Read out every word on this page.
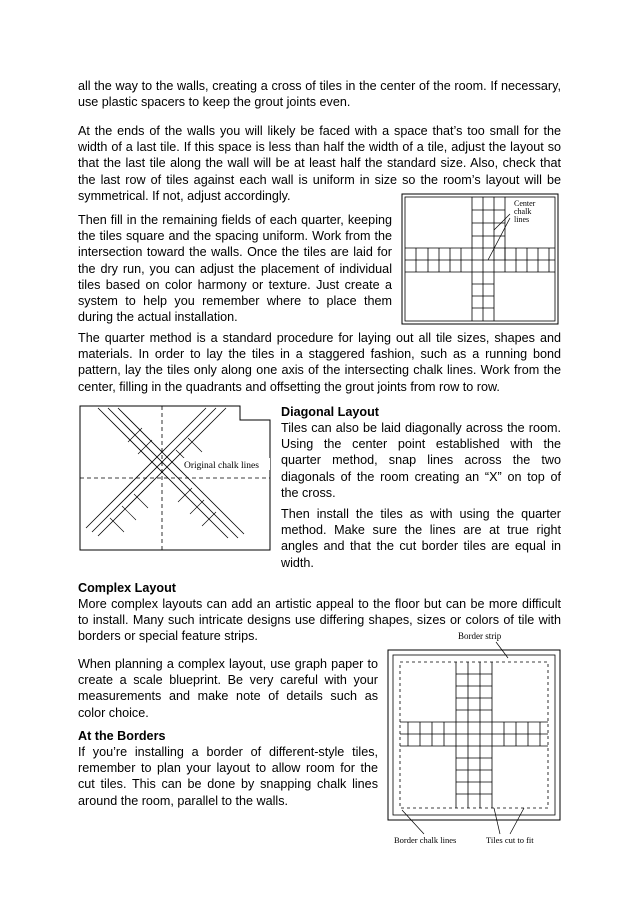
all the way to the walls, creating a cross of tiles in the center of the room. If necessary, use plastic spacers to keep the grout joints even.

At the ends of the walls you will likely be faced with a space that’s too small for the width of a last tile. If this space is less than half the width of a tile, adjust the layout so that the last tile along the wall will be at least half the standard size. Also, check that the last row of tiles against each wall is uniform in size so the room’s layout will be symmetrical. If not, adjust accordingly.

Then fill in the remaining fields of each quarter, keeping the tiles square and the spacing uniform. Work from the intersection toward the walls. Once the tiles are laid for the dry run, you can adjust the placement of individual tiles based on color harmony or texture. Just create a system to help you remember where to place them during the actual installation.

Center
chalk
lines

The quarter method is a standard procedure for laying out all tile sizes, shapes and materials. In order to lay the tiles in a staggered fashion, such as a running bond pattern, lay the tiles only along one axis of the intersecting chalk lines. Work from the center, filling in the quadrants and offsetting the grout joints from row to row.

Original chalk lines
Diagonal Layout

Tiles can also be laid diagonally across the room. Using the center point established with the quarter method, snap lines across the two diagonals of the room creating an “X” on top of the cross.

Then install the tiles as with using the quarter method. Make sure the lines are at true right angles and that the cut border tiles are equal in width.

Complex Layout

More complex layouts can add an artistic appeal to the floor but can be more difficult to install. Many such intricate designs use differing shapes, sizes or colors of tile with borders or special feature strips.

When planning a complex layout, use graph paper to create a scale blueprint. Be very careful with your measurements and make note of details such as color choice.

At the Borders

If you’re installing a border of different-style tiles, remember to plan your layout to allow room for the cut tiles. This can be done by snapping chalk lines around the room, parallel to the walls.

Border strip
Border chalk lines	Tiles cut to fit
